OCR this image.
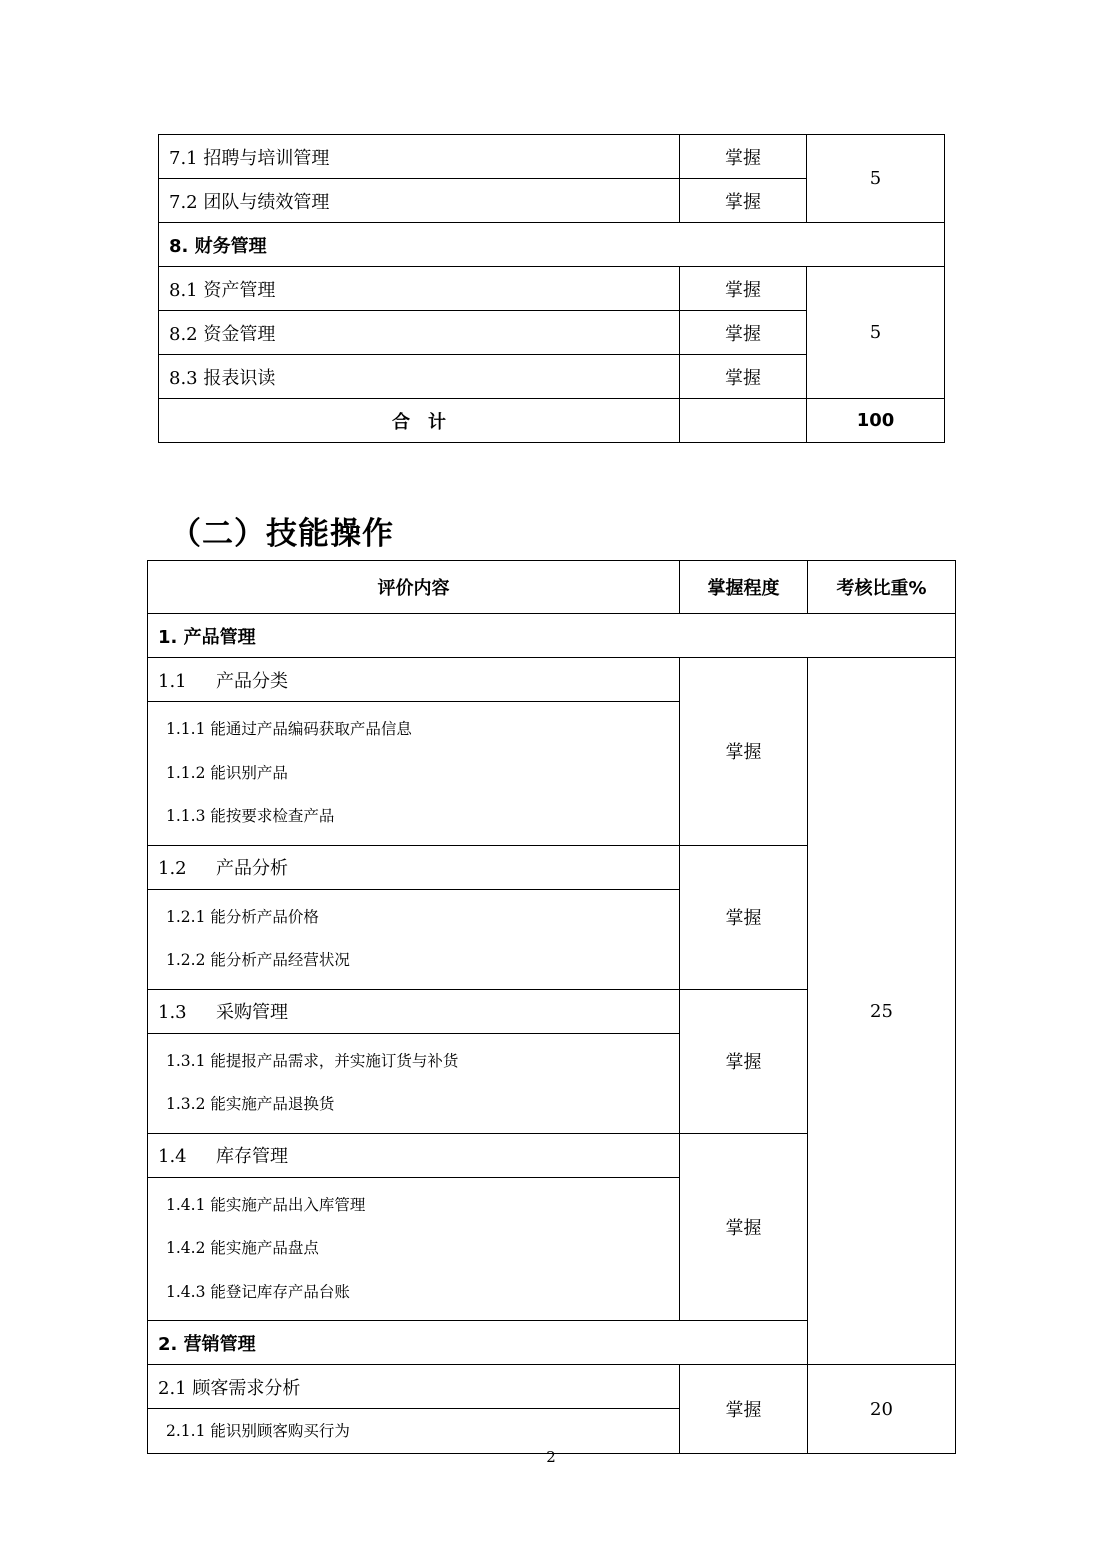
7.1 招聘与培训管理	掌握	5
7.2 团队与绩效管理	掌握	
8. 财务管理		
8.1 资产管理	掌握	5
8.2 资金管理	掌握	
8.3 报表识读	掌握	
合　计		100
（二）技能操作
评价内容	掌握程度	考核比重%
1. 产品管理		
1.1 产品分类	掌握	25

1.1.1 能通过产品编码获取产品信息
1.1.2 能识别产品
1.1.3 能按要求检查产品		

1.2 产品分析	掌握	

1.2.1 能分析产品价格
1.2.2 能分析产品经营状况		

1.3 采购管理	掌握	

1.3.1 能提报产品需求，并实施订货与补货
1.3.2 能实施产品退换货		

1.4 库存管理	掌握	

1.4.1 能实施产品出入库管理
1.4.2 能实施产品盘点
1.4.3 能登记库存产品台账		

2. 营销管理		
2.1 顾客需求分析	掌握	20

2.1.1 能识别顾客购买行为		
2
